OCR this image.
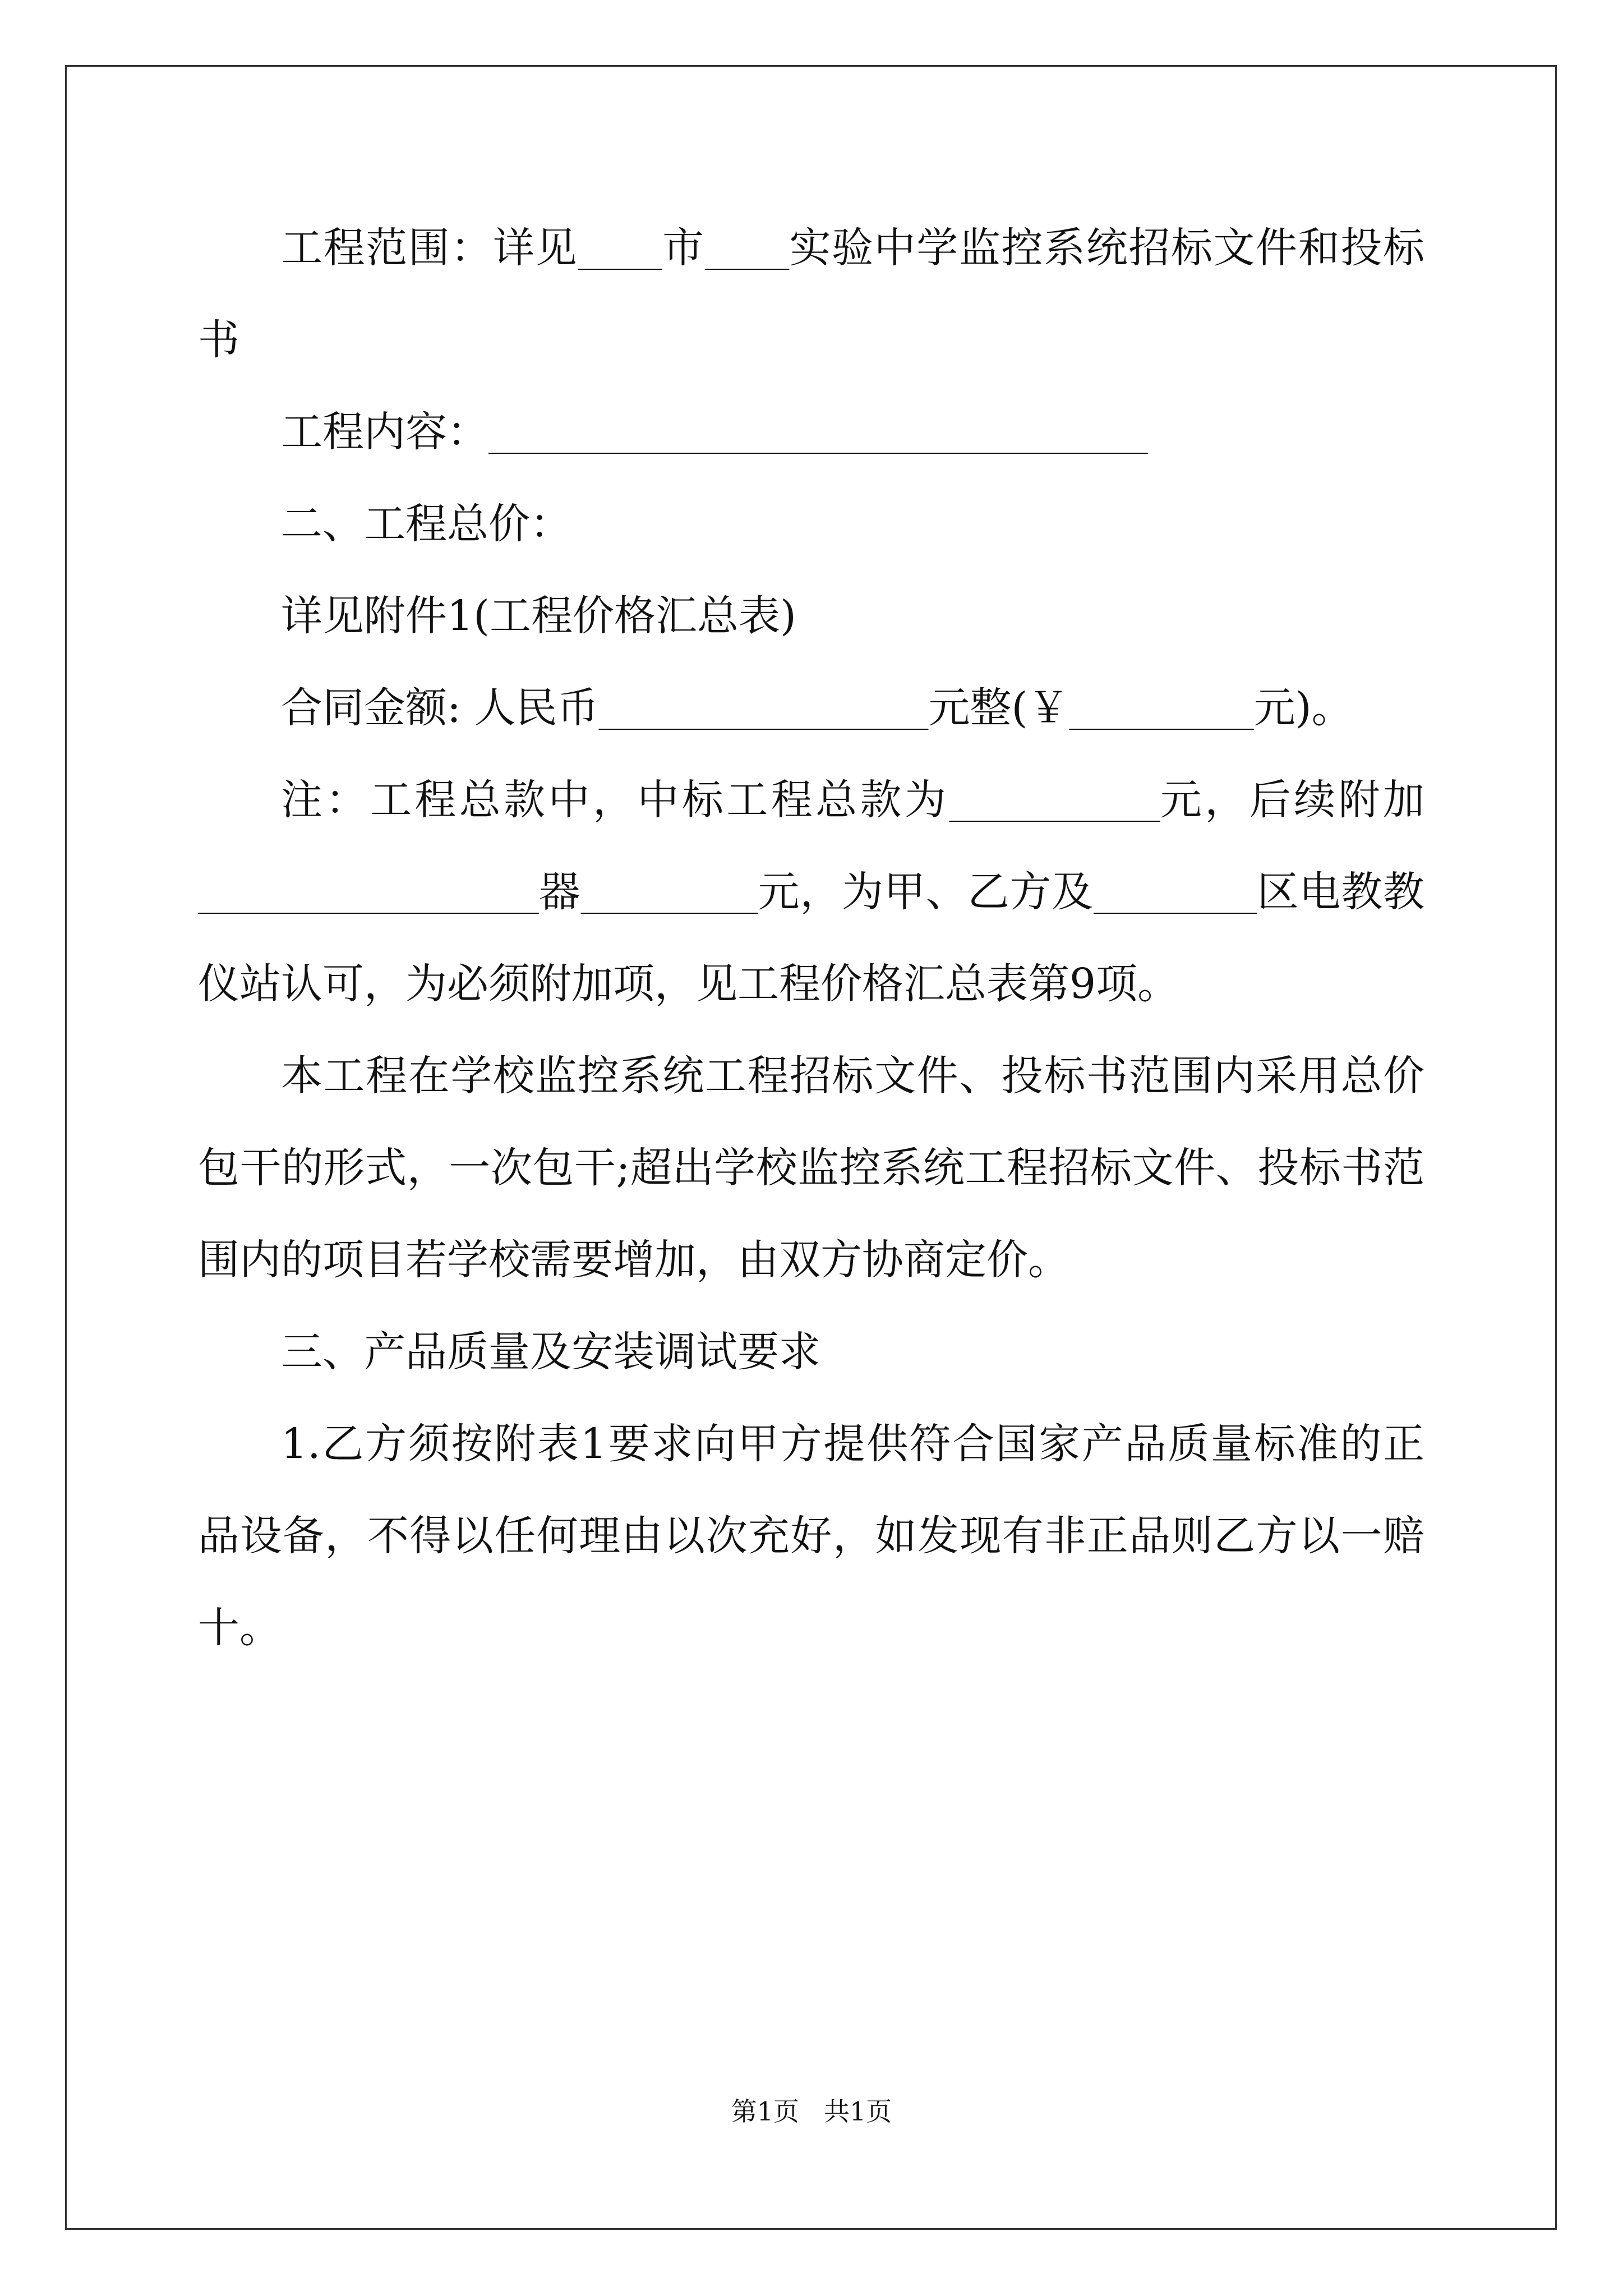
工程范围：详见 市 实验中学监控系统招标文件和投标书

工程内容：

二、工程总价：

详见附件1(工程价格汇总表)

合同金额: 人民币	元整(￥	元)。

注：工程总款中，中标工程总款为	元，后续附加                         器	元，为甲、乙方及	区电教教仪站认可，为必须附加项，见工程价格汇总表第9项。

本工程在学校监控系统工程招标文件、投标书范围内采用总价包干的形式，一次包干;超出学校监控系统工程招标文件、投标书范围内的项目若学校需要增加，由双方协商定价。

三、产品质量及安装调试要求

1.乙方须按附表1要求向甲方提供符合国家产品质量标准的正品设备，不得以任何理由以次充好，如发现有非正品则乙方以一赔十。

第1页 共1页
